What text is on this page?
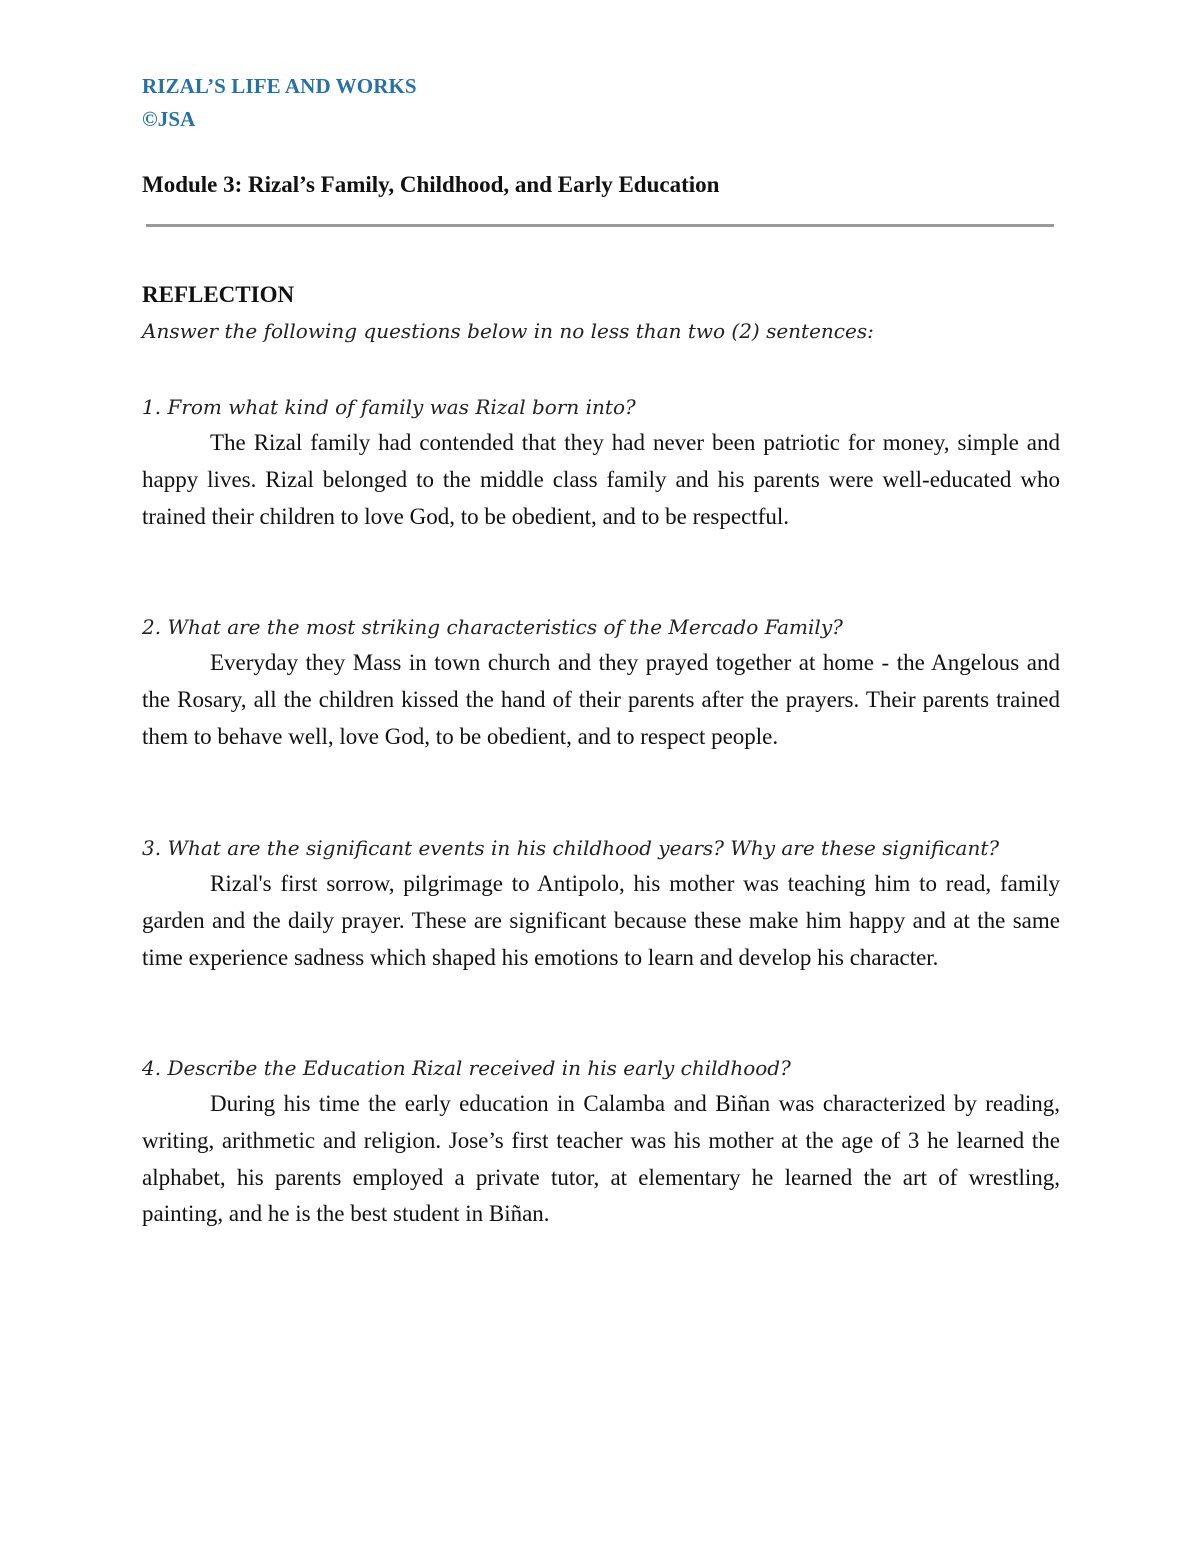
RIZAL’S LIFE AND WORKS
©JSA
Module 3: Rizal’s Family, Childhood, and Early Education
REFLECTION
Answer the following questions below in no less than two (2) sentences:

1. From what kind of family was Rizal born into?

The Rizal family had contended that they had never been patriotic for money, simple and happy lives. Rizal belonged to the middle class family and his parents were well-educated who trained their children to love God, to be obedient, and to be respectful.

2. What are the most striking characteristics of the Mercado Family?

Everyday they Mass in town church and they prayed together at home - the Angelous and the Rosary, all the children kissed the hand of their parents after the prayers. Their parents trained them to behave well, love God, to be obedient, and to respect people.

3. What are the significant events in his childhood years? Why are these significant?

Rizal's first sorrow, pilgrimage to Antipolo, his mother was teaching him to read, family garden and the daily prayer. These are significant because these make him happy and at the same time experience sadness which shaped his emotions to learn and develop his character.

4. Describe the Education Rizal received in his early childhood?

During his time the early education in Calamba and Biñan was characterized by reading, writing, arithmetic and religion. Jose’s first teacher was his mother at the age of 3 he learned the alphabet, his parents employed a private tutor, at elementary he learned the art of wrestling, painting, and he is the best student in Biñan.
